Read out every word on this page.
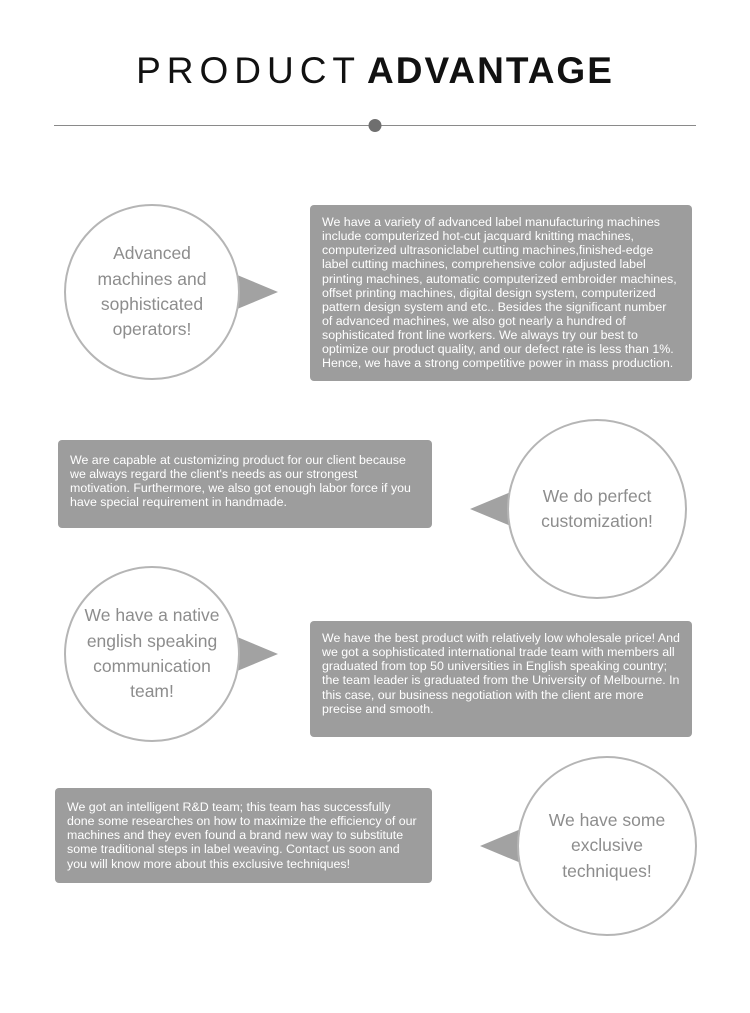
PRODUCT ADVANTAGE

Advanced machines and sophisticated operators!

We have a variety of advanced label manufacturing machines include computerized hot-cut jacquard knitting machines, computerized ultrasoniclabel cutting machines,finished-edge label cutting machines, comprehensive color adjusted label printing machines, automatic computerized embroider machines, offset printing machines, digital design system, computerized pattern design system and etc.. Besides the significant number of advanced machines, we also got nearly a hundred of sophisticated front line workers. We always try our best to optimize our product quality, and our defect rate is less than 1%. Hence, we have a strong competitive power in mass production.

We are capable at customizing product for our client because we always regard the client's needs as our strongest motivation. Furthermore, we also got enough labor force if you have special requirement in handmade.	We do perfect customization!

We have a native english speaking communication team!

We have the best product with relatively low wholesale price! And we got a sophisticated international trade team with members all graduated from top 50 universities in English speaking country; the team leader is graduated from the University of Melbourne. In this case, our business negotiation with the client are more precise and smooth.

We got an intelligent R&D team; this team has successfully done some researches on how to maximize the efficiency of our machines and they even found a brand new way to substitute some traditional steps in label weaving. Contact us soon and you will know more about this exclusive techniques!

We have some exclusive techniques!
